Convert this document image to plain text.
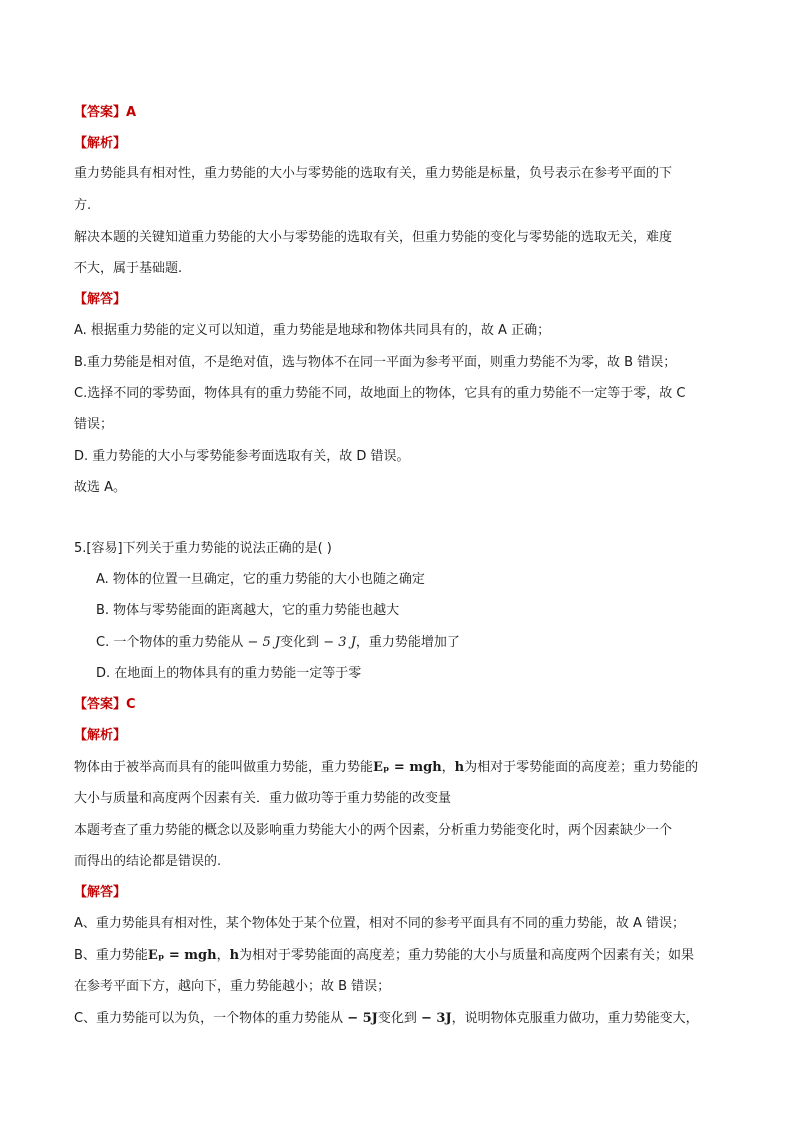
【答案】A
【解析】
重力势能具有相对性，重力势能的大小与零势能的选取有关，重力势能是标量，负号表示在参考平面的下
方.
解决本题的关键知道重力势能的大小与零势能的选取有关，但重力势能的变化与零势能的选取无关，难度
不大，属于基础题.
【解答】
A. 根据重力势能的定义可以知道，重力势能是地球和物体共同具有的，故 A 正确；
B.重力势能是相对值，不是绝对值，选与物体不在同一平面为参考平面，则重力势能不为零，故 B 错误；
C.选择不同的零势面，物体具有的重力势能不同，故地面上的物体，它具有的重力势能不一定等于零，故 C
错误；
D. 重力势能的大小与零势能参考面选取有关，故 D 错误。
故选 A。
5.[容易]下列关于重力势能的说法正确的是( )
A. 物体的位置一旦确定，它的重力势能的大小也随之确定
B. 物体与零势能面的距离越大，它的重力势能也越大
C. 一个物体的重力势能从 − 5 J变化到 − 3 J，重力势能增加了
D. 在地面上的物体具有的重力势能一定等于零
【答案】C
【解析】
物体由于被举高而具有的能叫做重力势能，重力势能Eₚ = mgh，h为相对于零势能面的高度差；重力势能的
大小与质量和高度两个因素有关．重力做功等于重力势能的改变量
本题考查了重力势能的概念以及影响重力势能大小的两个因素，分析重力势能变化时，两个因素缺少一个
而得出的结论都是错误的.
【解答】
A、重力势能具有相对性，某个物体处于某个位置，相对不同的参考平面具有不同的重力势能，故 A 错误；
B、重力势能Eₚ = mgh，h为相对于零势能面的高度差；重力势能的大小与质量和高度两个因素有关；如果
在参考平面下方，越向下，重力势能越小；故 B 错误；
C、重力势能可以为负，一个物体的重力势能从 − 5J变化到 − 3J，说明物体克服重力做功，重力势能变大，
